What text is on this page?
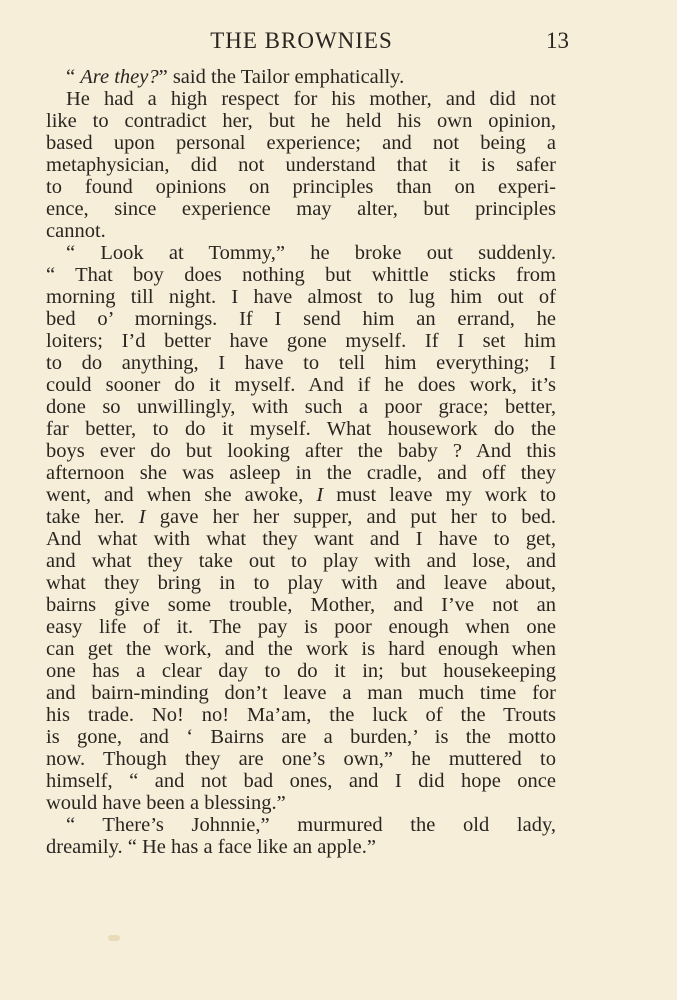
THE BROWNIES	13
“ Are they?” said the Tailor emphatically.
He had a high respect for his mother, and did not
like to contradict her, but he held his own opinion,
based upon personal experience; and not being a
metaphysician, did not understand that it is safer
to found opinions on principles than on experi-
ence, since experience may alter, but principles
cannot.
“ Look at Tommy,” he broke out suddenly.
“ That boy does nothing but whittle sticks from
morning till night. I have almost to lug him out of
bed o’ mornings. If I send him an errand, he
loiters; I’d better have gone myself. If I set him
to do anything, I have to tell him everything; I
could sooner do it myself. And if he does work, it’s
done so unwillingly, with such a poor grace; better,
far better, to do it myself. What housework do the
boys ever do but looking after the baby ? And this
afternoon she was asleep in the cradle, and off they
went, and when she awoke, I must leave my work to
take her. I gave her her supper, and put her to bed.
And what with what they want and I have to get,
and what they take out to play with and lose, and
what they bring in to play with and leave about,
bairns give some trouble, Mother, and I’ve not an
easy life of it. The pay is poor enough when one
can get the work, and the work is hard enough when
one has a clear day to do it in; but housekeeping
and bairn-minding don’t leave a man much time for
his trade. No! no! Ma’am, the luck of the Trouts
is gone, and ‘ Bairns are a burden,’ is the motto
now. Though they are one’s own,” he muttered to
himself, “ and not bad ones, and I did hope once
would have been a blessing.”
“ There’s Johnnie,” murmured the old lady,
dreamily. “ He has a face like an apple.”
